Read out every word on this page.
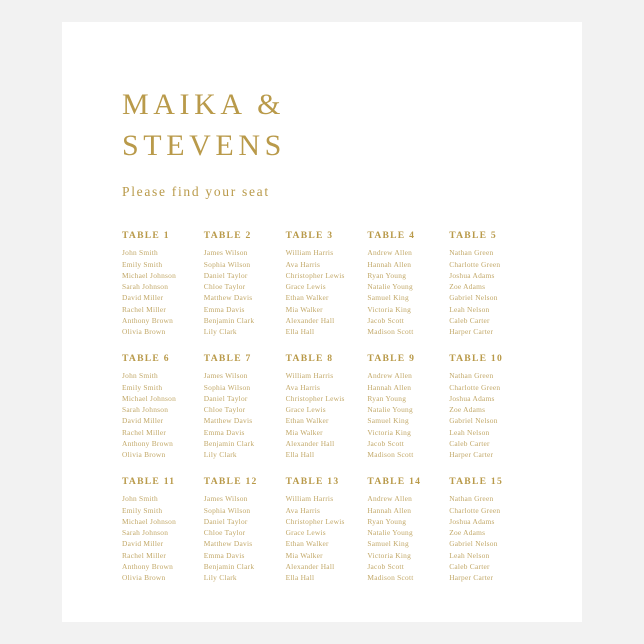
MAIKA &
STEVENS
Please find your seat
TABLE 1
John Smith
Emily Smith
Michael Johnson
Sarah Johnson
David Miller
Rachel Miller
Anthony Brown
Olivia Brown
TABLE 2
James Wilson
Sophia Wilson
Daniel Taylor
Chloe Taylor
Matthew Davis
Emma Davis
Benjamin Clark
Lily Clark
TABLE 3
William Harris
Ava Harris
Christopher Lewis
Grace Lewis
Ethan Walker
Mia Walker
Alexander Hall
Ella Hall
TABLE 4
Andrew Allen
Hannah Allen
Ryan Young
Natalie Young
Samuel King
Victoria King
Jacob Scott
Madison Scott
TABLE 5
Nathan Green
Charlotte Green
Joshua Adams
Zoe Adams
Gabriel Nelson
Leah Nelson
Caleb Carter
Harper Carter
TABLE 6
John Smith
Emily Smith
Michael Johnson
Sarah Johnson
David Miller
Rachel Miller
Anthony Brown
Olivia Brown
TABLE 7
James Wilson
Sophia Wilson
Daniel Taylor
Chloe Taylor
Matthew Davis
Emma Davis
Benjamin Clark
Lily Clark
TABLE 8
William Harris
Ava Harris
Christopher Lewis
Grace Lewis
Ethan Walker
Mia Walker
Alexander Hall
Ella Hall
TABLE 9
Andrew Allen
Hannah Allen
Ryan Young
Natalie Young
Samuel King
Victoria King
Jacob Scott
Madison Scott
TABLE 10
Nathan Green
Charlotte Green
Joshua Adams
Zoe Adams
Gabriel Nelson
Leah Nelson
Caleb Carter
Harper Carter
TABLE 11
John Smith
Emily Smith
Michael Johnson
Sarah Johnson
David Miller
Rachel Miller
Anthony Brown
Olivia Brown
TABLE 12
James Wilson
Sophia Wilson
Daniel Taylor
Chloe Taylor
Matthew Davis
Emma Davis
Benjamin Clark
Lily Clark
TABLE 13
William Harris
Ava Harris
Christopher Lewis
Grace Lewis
Ethan Walker
Mia Walker
Alexander Hall
Ella Hall
TABLE 14
Andrew Allen
Hannah Allen
Ryan Young
Natalie Young
Samuel King
Victoria King
Jacob Scott
Madison Scott
TABLE 15
Nathan Green
Charlotte Green
Joshua Adams
Zoe Adams
Gabriel Nelson
Leah Nelson
Caleb Carter
Harper Carter
